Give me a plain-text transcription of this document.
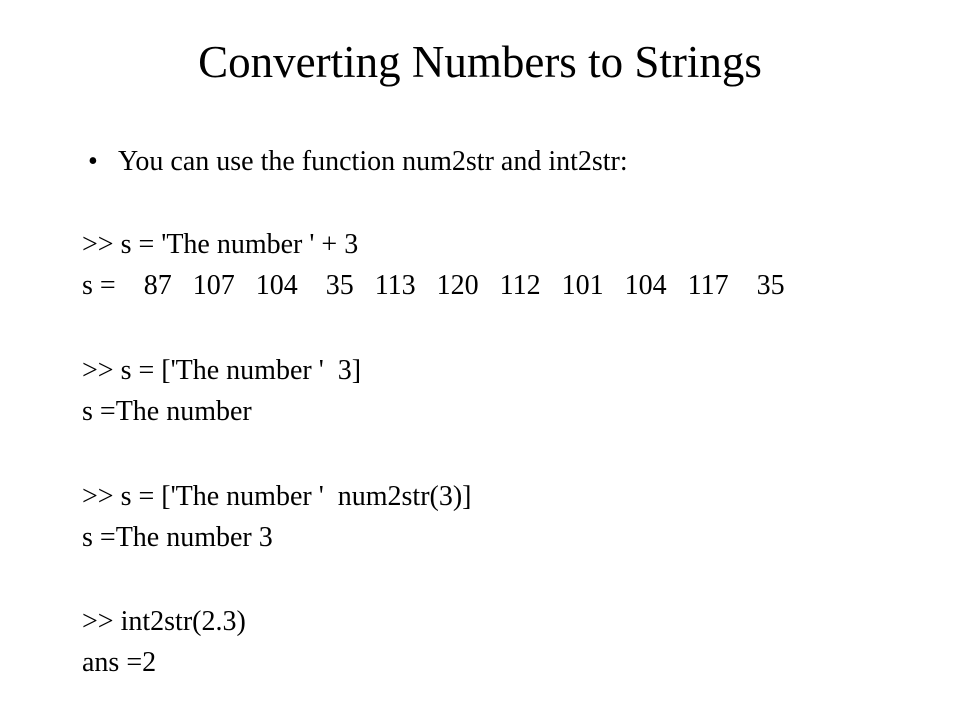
Converting Numbers to Strings
• You can use the function num2str and int2str:
>> s = 'The number ' + 3
s =    87   107   104    35   113   120   112   101   104   117    35
>> s = ['The number '  3]
s =The number
>> s = ['The number '  num2str(3)]
s =The number 3
>> int2str(2.3)
ans =2
